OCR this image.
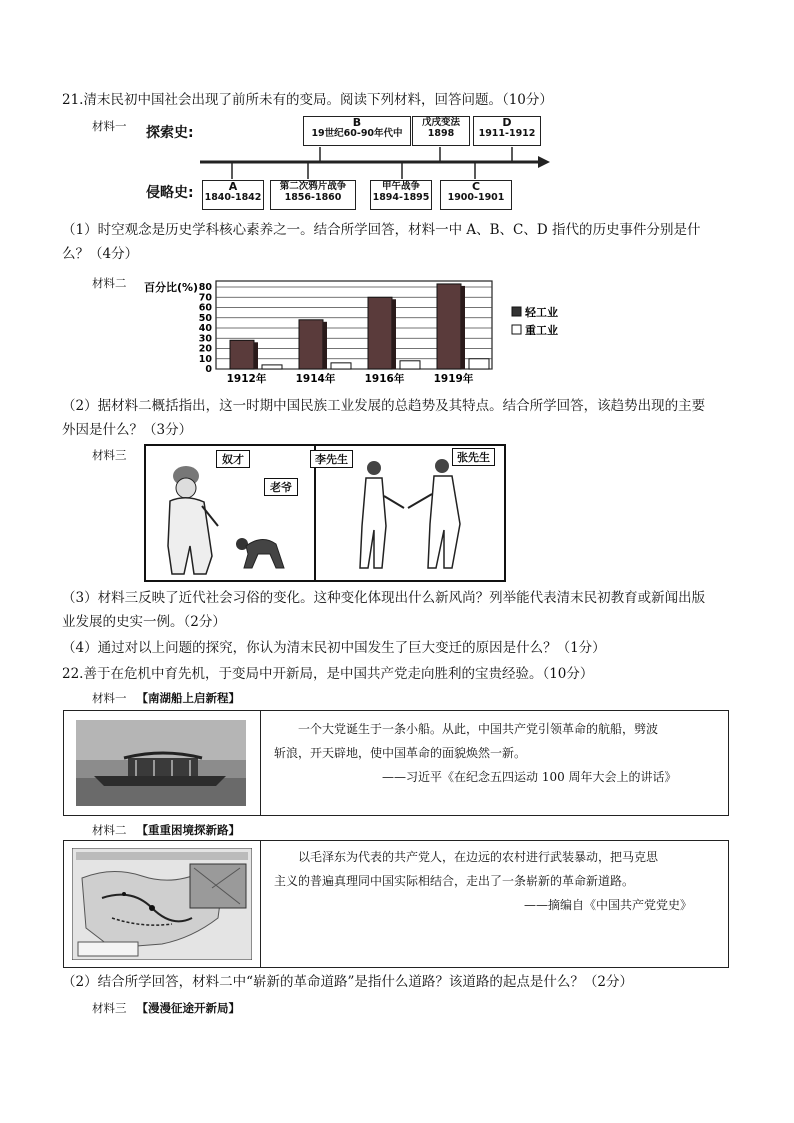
21.清末民初中国社会出现了前所未有的变局。阅读下列材料，回答问题。（10分）
材料一 探索史:
侵略史:
B
19世纪60-90年代中
戊戌变法
1898
D
1911-1912
A
1840-1842
第二次鸦片战争
1856-1860
甲午战争
1894-1895
C
1900-1901
（1）时空观念是历史学科核心素养之一。结合所学回答，材料一中 A、B、C、D 指代的历史事件分别是什
么？（4分）
材料二 百分比(%)
0
10
20
30
40
50
60
70
80
1912年	1914年	1916年	1919年
轻工业
重工业
（2）据材料二概括指出，这一时期中国民族工业发展的总趋势及其特点。结合所学回答，该趋势出现的主要
外因是什么？（3分）
材料三	奴才
老爷
李先生	张先生
（3）材料三反映了近代社会习俗的变化。这种变化体现出什么新风尚？列举能代表清末民初教育或新闻出版
业发展的史实一例。（2分）
（4）通过对以上问题的探究，你认为清末民初中国发生了巨大变迁的原因是什么？（1分）
22.善于在危机中育先机，于变局中开新局，是中国共产党走向胜利的宝贵经验。（10分）
材料一 【南湖船上启新程】
一个大党诞生于一条小船。从此，中国共产党引领革命的航船，劈波
斩浪，开天辟地，使中国革命的面貌焕然一新。
——习近平《在纪念五四运动 100 周年大会上的讲话》
材料二 【重重困境探新路】
以毛泽东为代表的共产党人，在边远的农村进行武装暴动，把马克思
主义的普遍真理同中国实际相结合，走出了一条崭新的革命新道路。
——摘编自《中国共产党党史》
（2）结合所学回答，材料二中“崭新的革命道路”是指什么道路？该道路的起点是什么？（2分）
材料三 【漫漫征途开新局】
